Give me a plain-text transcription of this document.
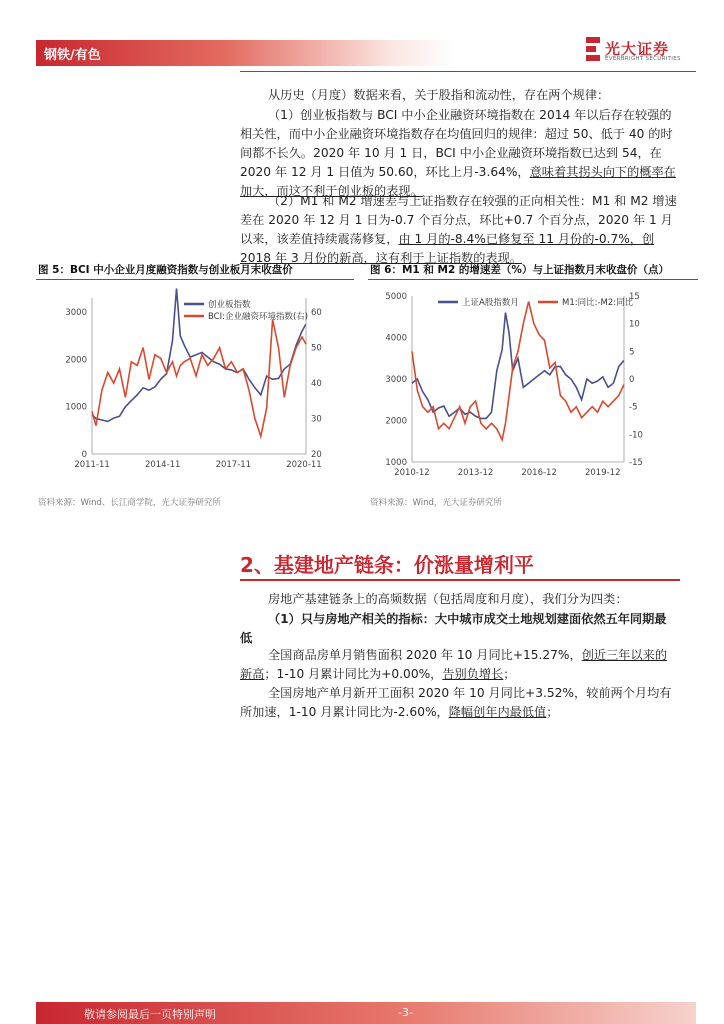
钢铁/有色	光大证券
EVERBRIGHT SECURITIES

从历史（月度）数据来看，关于股指和流动性，存在两个规律：

（1）创业板指数与 BCI 中小企业融资环境指数在 2014 年以后存在较强的相关性，而中小企业融资环境指数存在均值回归的规律：超过 50、低于 40 的时间都不长久。2020 年 10 月 1 日，BCI 中小企业融资环境指数已达到 54，在 2020 年 12 月 1 日值为 50.60，环比上月-3.64%，意味着其拐头向下的概率在加大，而这不利于创业板的表现。

（2）M1 和 M2 增速差与上证指数存在较强的正向相关性：M1 和 M2 增速差在 2020 年 12 月 1 日为-0.7 个百分点，环比+0.7 个百分点，2020 年 1 月以来，该差值持续震荡修复，由 1 月的-8.4%已修复至 11 月份的-0.7%，创 2018 年 3 月份的新高，这有利于上证指数的表现。

图 5：BCI 中小企业月度融资指数与创业板月末收盘价	图 6：M1 和 M2 的增速差（%）与上证指数月末收盘价（点）
0
1000
2000
3000
20
30
40
50
60
2011-11	2014-11	2017-11	2020-11
创业板指数
BCI:企业融资环境指数(右)
1000
2000
3000
4000
5000
-15
-10
-5
0
5
10
15
2010-12	2013-12	2016-12	2019-12
上证A股指数月	M1:同比:-M2:同比
资料来源：Wind、长江商学院，光大证券研究所	资料来源：Wind，光大证券研究所
2、基建地产链条：价涨量增利平

房地产基建链条上的高频数据（包括周度和月度），我们分为四类：

（1）只与房地产相关的指标：大中城市成交土地规划建面依然五年同期最低

全国商品房单月销售面积 2020 年 10 月同比+15.27%，创近三年以来的新高；1-10 月累计同比为+0.00%，告别负增长；

全国房地产单月新开工面积 2020 年 10 月同比+3.52%，较前两个月均有所加速，1-10 月累计同比为-2.60%，降幅创年内最低值；

敬请参阅最后一页特别声明	-3-
